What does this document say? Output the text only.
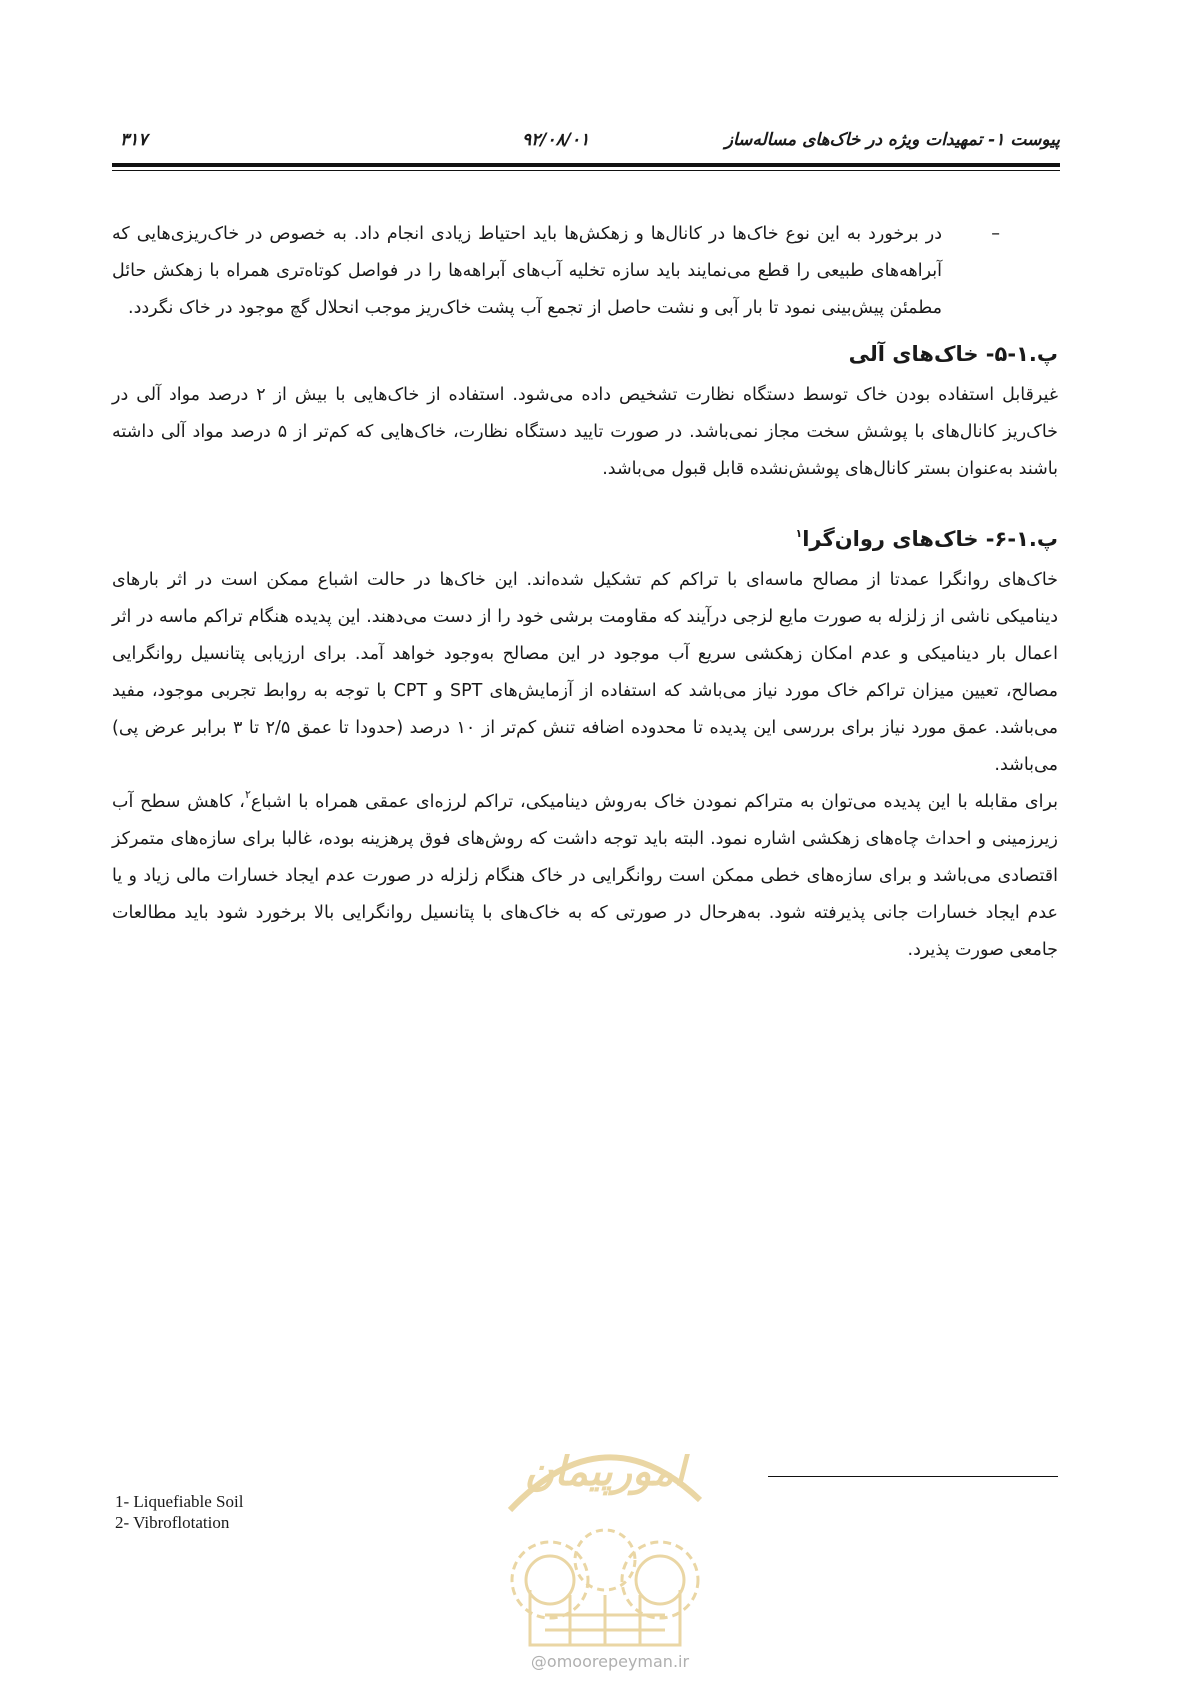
پیوست ۱- تمهیدات ویژه در خاک‌های مساله‌ساز
۹۲/۰۸/۰۱
۳۱۷
–

در برخورد به این نوع خاک‌ها در کانال‌ها و زهکش‌ها باید احتیاط زیادی انجام داد. به خصوص در خاک‌ریزی‌هایی که آبراهه‌های طبیعی را قطع می‌نمایند باید سازه تخلیه آب‌های آبراهه‌ها را در فواصل کوتاه‌تری همراه با زهکش حائل مطمئن پیش‌بینی نمود تا بار آبی و نشت حاصل از تجمع آب پشت خاک‌ریز موجب انحلال گچ موجود در خاک نگردد.

پ.۱-۵- خاک‌های آلی

غیرقابل استفاده بودن خاک توسط دستگاه نظارت تشخیص داده می‌شود. استفاده از خاک‌هایی با بیش از ۲ درصد مواد آلی در خاک‌ریز کانال‌های با پوشش سخت مجاز نمی‌باشد. در صورت تایید دستگاه نظارت، خاک‌هایی که کم‌تر از ۵ درصد مواد آلی داشته باشند به‌عنوان بستر کانال‌های پوشش‌نشده قابل قبول می‌باشد.

پ.۱-۶- خاک‌های روان‌گرا$^۱$

خاک‌های روانگرا عمدتا از مصالح ماسه‌ای با تراکم کم تشکیل شده‌اند. این خاک‌ها در حالت اشباع ممکن است در اثر بارهای دینامیکی ناشی از زلزله به صورت مایع لزجی درآیند که مقاومت برشی خود را از دست می‌دهند. این پدیده هنگام تراکم ماسه در اثر اعمال بار دینامیکی و عدم امکان زهکشی سریع آب موجود در این مصالح به‌وجود خواهد آمد. برای ارزیابی پتانسیل روانگرایی مصالح، تعیین میزان تراکم خاک مورد نیاز می‌باشد که استفاده از آزمایش‌های SPT و CPT با توجه به روابط تجربی موجود، مفید می‌باشد. عمق مورد نیاز برای بررسی این پدیده تا محدوده اضافه تنش کم‌تر از ۱۰ درصد (حدودا تا عمق ۲/۵ تا ۳ برابر عرض پی) می‌باشد.

برای مقابله با این پدیده می‌توان به متراکم نمودن خاک به‌روش دینامیکی، تراکم لرزه‌ای عمقی همراه با اشباع$^۲$، کاهش سطح آب زیرزمینی و احداث چاه‌های زهکشی اشاره نمود. البته باید توجه داشت که روش‌های فوق پرهزینه بوده، غالبا برای سازه‌های متمرکز اقتصادی می‌باشد و برای سازه‌های خطی ممکن است روانگرایی در خاک هنگام زلزله در صورت عدم ایجاد خسارات مالی زیاد و یا عدم ایجاد خسارات جانی پذیرفته شود. به‌هرحال در صورتی که به خاک‌های با پتانسیل روانگرایی بالا برخورد شود باید مطالعات جامعی صورت پذیرد.

1- Liquefiable Soil
2- Vibroflotation
امورپیمان
@omoorepeyman.ir
